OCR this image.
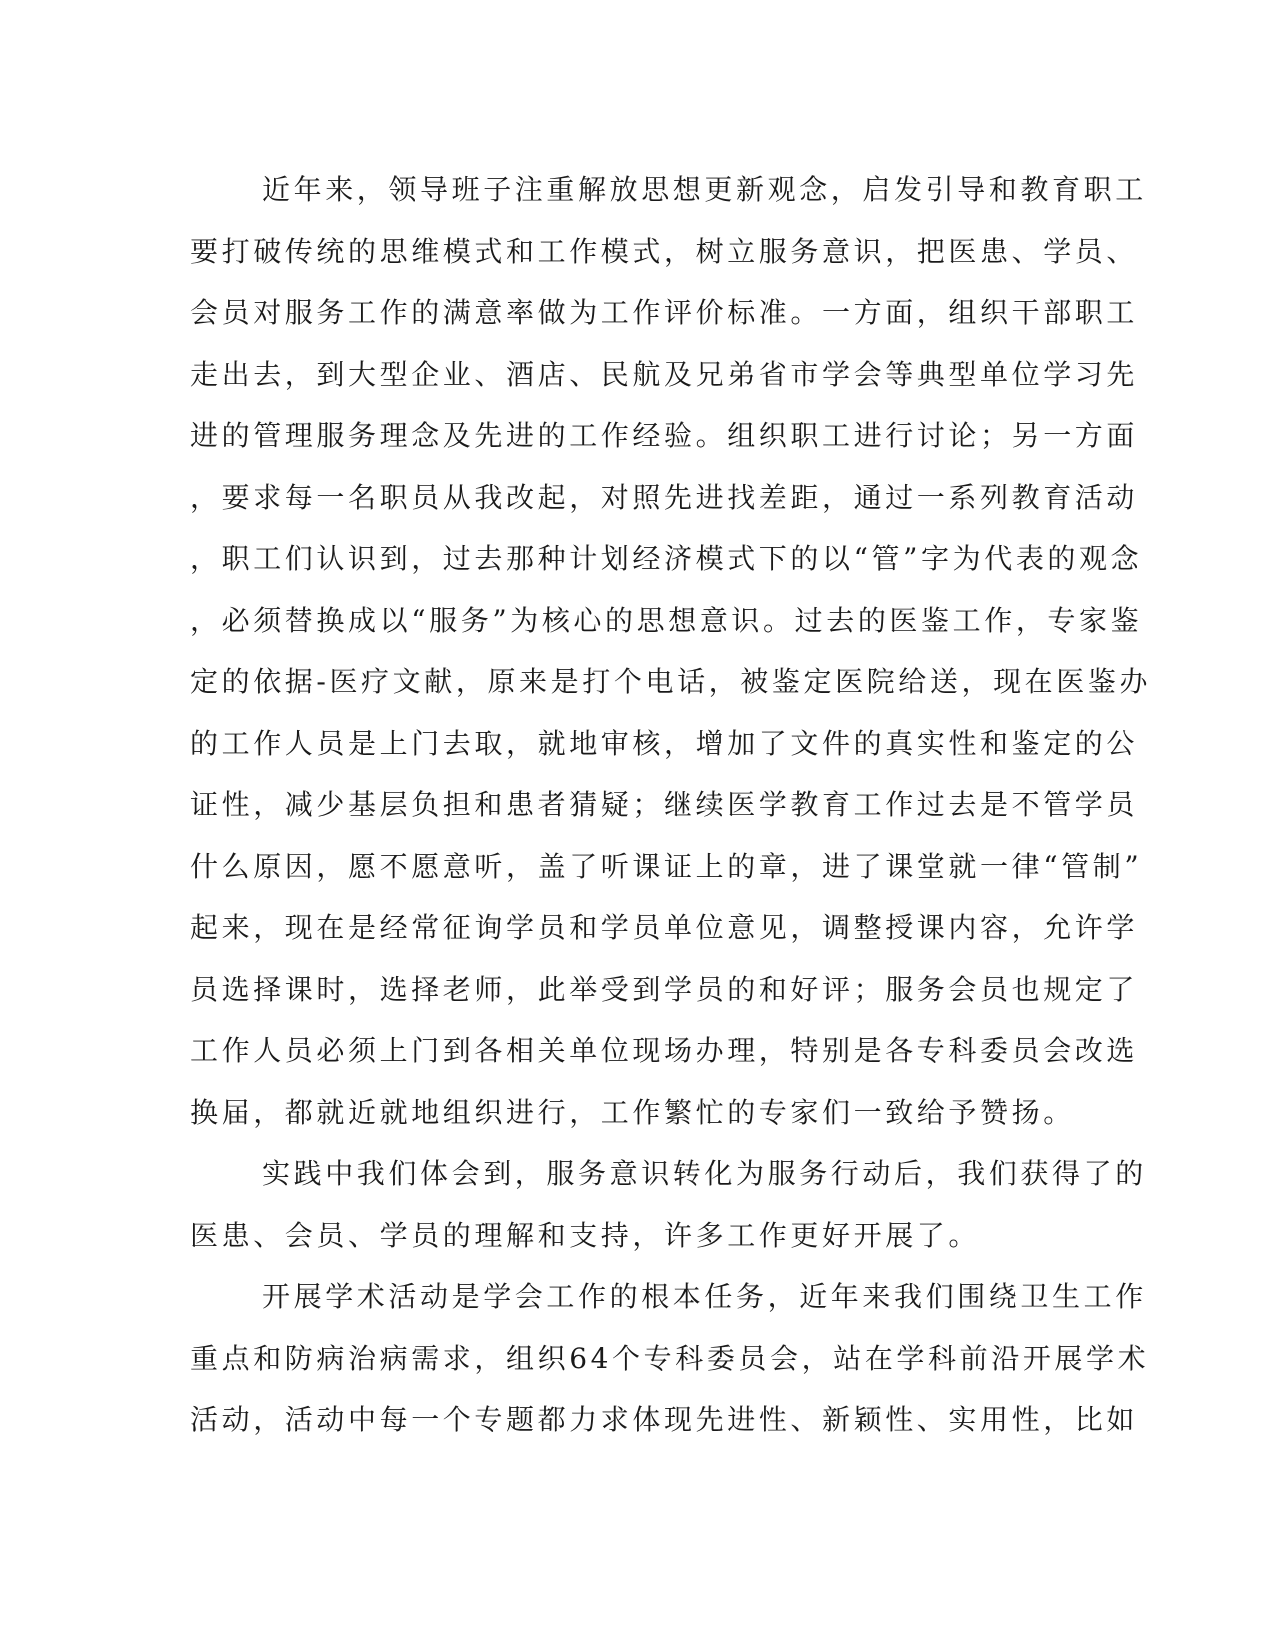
近年来，领导班子注重解放思想更新观念，启发引导和教育职工
要打破传统的思维模式和工作模式，树立服务意识，把医患、学员、
会员对服务工作的满意率做为工作评价标准。一方面，组织干部职工
走出去，到大型企业、酒店、民航及兄弟省市学会等典型单位学习先
进的管理服务理念及先进的工作经验。组织职工进行讨论；另一方面
，要求每一名职员从我改起，对照先进找差距，通过一系列教育活动
，职工们认识到，过去那种计划经济模式下的以“管”字为代表的观念
，必须替换成以“服务”为核心的思想意识。过去的医鉴工作，专家鉴
定的依据-医疗文献，原来是打个电话，被鉴定医院给送，现在医鉴办
的工作人员是上门去取，就地审核，增加了文件的真实性和鉴定的公
证性，减少基层负担和患者猜疑；继续医学教育工作过去是不管学员
什么原因，愿不愿意听，盖了听课证上的章，进了课堂就一律“管制”
起来，现在是经常征询学员和学员单位意见，调整授课内容，允许学
员选择课时，选择老师，此举受到学员的和好评；服务会员也规定了
工作人员必须上门到各相关单位现场办理，特别是各专科委员会改选
换届，都就近就地组织进行，工作繁忙的专家们一致给予赞扬。
实践中我们体会到，服务意识转化为服务行动后，我们获得了的
医患、会员、学员的理解和支持，许多工作更好开展了。
开展学术活动是学会工作的根本任务，近年来我们围绕卫生工作
重点和防病治病需求，组织64个专科委员会，站在学科前沿开展学术
活动，活动中每一个专题都力求体现先进性、新颖性、实用性，比如
